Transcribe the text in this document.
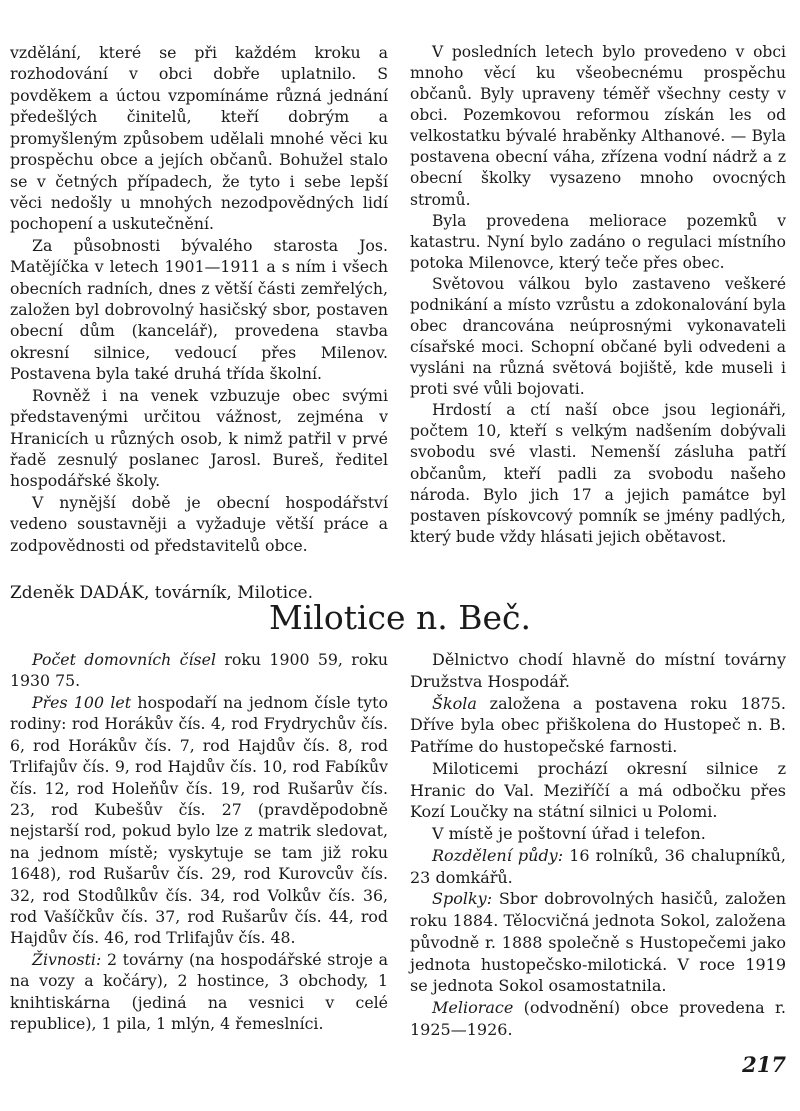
vzdělání, které se při každém kroku a rozhodování v obci dobře uplatnilo. S povděkem a úctou vzpomínáme různá jednání předešlých činitelů, kteří dobrým a promyšleným způsobem udělali mnohé věci ku prospěchu obce a jejích občanů. Bohužel stalo se v četných případech, že tyto i sebe lepší věci nedošly u mnohých nezodpovědných lidí pochopení a uskutečnění.

Za působnosti bývalého starosta Jos. Matějíčka v letech 1901—1911 a s ním i všech obecních radních, dnes z větší části zemřelých, založen byl dobrovolný hasičský sbor, postaven obecní dům (kancelář), provedena stavba okresní silnice, vedoucí přes Milenov. Postavena byla také druhá třída školní.

Rovněž i na venek vzbuzuje obec svými představenými určitou vážnost, zejména v Hranicích u různých osob, k nimž patřil v prvé řadě zesnulý poslanec Jarosl. Bureš, ředitel hospodářské školy.

V nynější době je obecní hospodářství vedeno soustavněji a vyžaduje větší práce a zodpovědnosti od představitelů obce.

V posledních letech bylo provedeno v obci mnoho věcí ku všeobecnému prospěchu občanů. Byly upraveny téměř všechny cesty v obci. Pozemkovou reformou získán les od velkostatku bývalé hraběnky Althanové. — Byla postavena obecní váha, zřízena vodní nádrž a z obecní školky vysazeno mnoho ovocných stromů.

Byla provedena meliorace pozemků v katastru. Nyní bylo zadáno o regulaci místního potoka Milenovce, který teče přes obec.

Světovou válkou bylo zastaveno veškeré podnikání a místo vzrůstu a zdokonalování byla obec drancována neúprosnými vykonavateli císařské moci. Schopní občané byli odvedeni a vysláni na různá světová bojiště, kde museli i proti své vůli bojovati.

Hrdostí a ctí naší obce jsou legionáři, počtem 10, kteří s velkým nadšením dobývali svobodu své vlasti. Nemenší zásluha patří občanům, kteří padli za svobodu našeho národa. Bylo jich 17 a jejich památce byl postaven pískovcový pomník se jmény padlých, který bude vždy hlásati jejich obětavost.

Zdeněk DADÁK, továrník, Milotice.
Milotice n. Beč.

Počet domovních čísel roku 1900 59, roku 1930 75.

Přes 100 let hospodaří na jednom čísle tyto rodiny: rod Horákův čís. 4, rod Frydrychův čís. 6, rod Horákův čís. 7, rod Hajdův čís. 8, rod Trlifajův čís. 9, rod Hajdův čís. 10, rod Fabíkův čís. 12, rod Holeňův čís. 19, rod Rušarův čís. 23, rod Kubešův čís. 27 (pravděpodobně nejstarší rod, pokud bylo lze z matrik sledovat, na jednom místě; vyskytuje se tam již roku 1648), rod Rušarův čís. 29, rod Kurovcův čís. 32, rod Stodůlkův čís. 34, rod Volkův čís. 36, rod Vašíčkův čís. 37, rod Rušarův čís. 44, rod Hajdův čís. 46, rod Trlifajův čís. 48.

Živnosti: 2 továrny (na hospodářské stroje a na vozy a kočáry), 2 hostince, 3 obchody, 1 knihtiskárna (jediná na vesnici v celé republice), 1 pila, 1 mlýn, 4 řemeslníci.

Dělnictvo chodí hlavně do místní továrny Družstva Hospodář.

Škola založena a postavena roku 1875. Dříve byla obec přiškolena do Hustopeč n. B. Patříme do hustopečské farnosti.

Miloticemi prochází okresní silnice z Hranic do Val. Meziříčí a má odbočku přes Kozí Loučky na státní silnici u Polomi.

V místě je poštovní úřad i telefon.

Rozdělení půdy: 16 rolníků, 36 chalupníků, 23 domkářů.

Spolky: Sbor dobrovolných hasičů, založen roku 1884. Tělocvičná jednota Sokol, založena původně r. 1888 společně s Hustopečemi jako jednota hustopečsko-milotická. V roce 1919 se jednota Sokol osamostatnila.

Meliorace (odvodnění) obce provedena r. 1925—1926.

217
